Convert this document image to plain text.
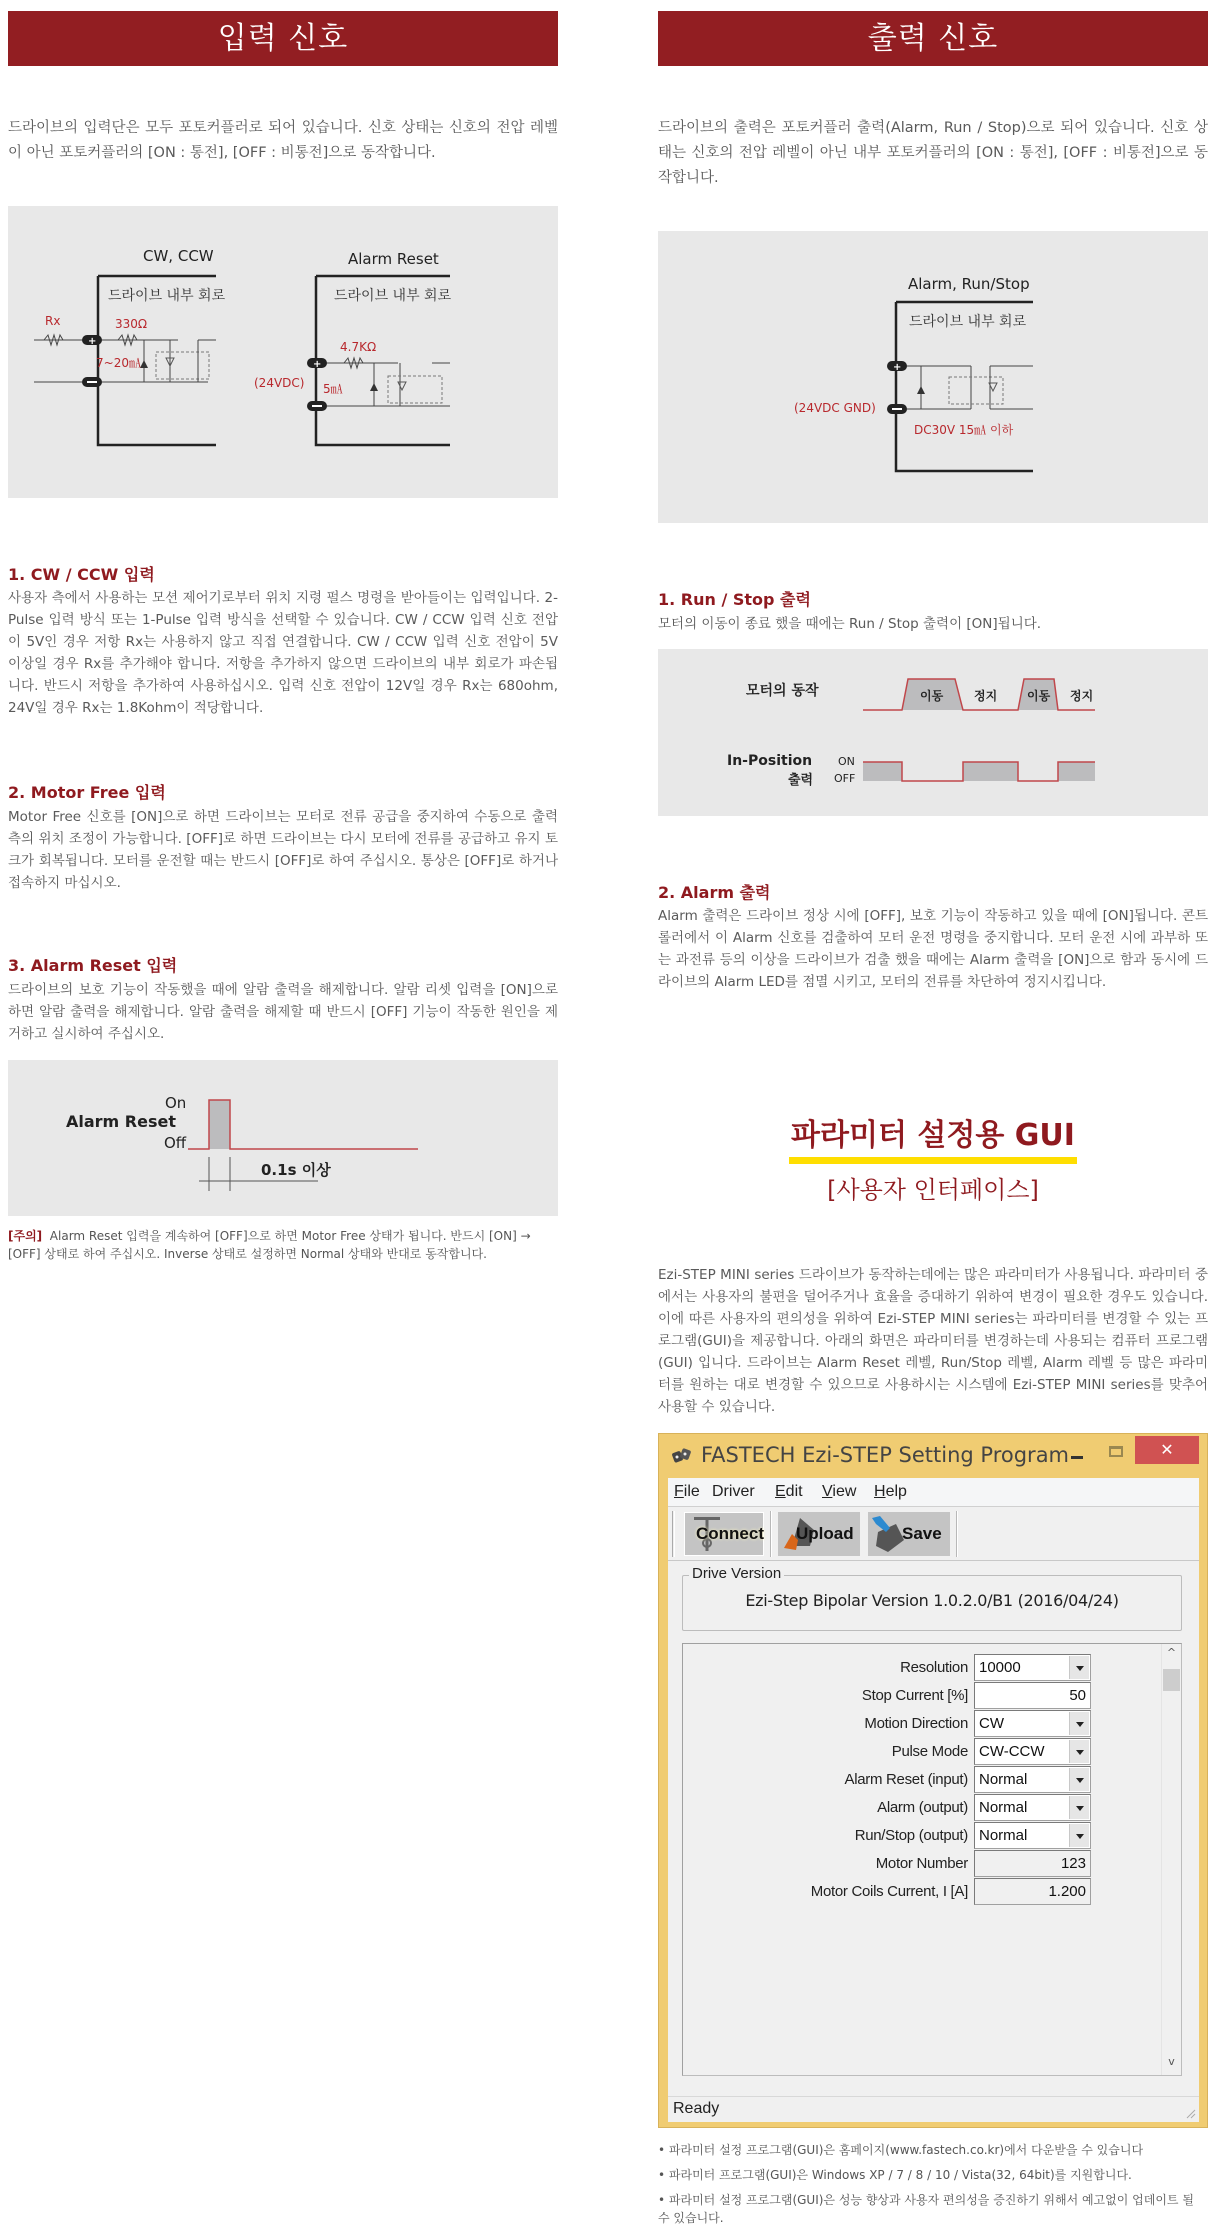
입력 신호
드라이브의 입력단은 모두 포토커플러로 되어 있습니다. 신호 상태는 신호의 전압 레벨이 아닌 포토커플러의 [ON : 통전], [OFF : 비통전]으로 동작합니다.
+
+
CW, CCW
드라이브 내부 회로
Rx	330Ω
7~20㎃
Alarm Reset
드라이브 내부 회로
4.7KΩ
(24VDC) 5㎃
1. CW / CCW 입력
사용자 측에서 사용하는 모션 제어기로부터 위치 지령 펄스 명령을 받아들이는 입력입니다. 2-Pulse 입력 방식 또는 1-Pulse 입력 방식을 선택할 수 있습니다. CW / CCW 입력 신호 전압이 5V인 경우 저항 Rx는 사용하지 않고 직접 연결합니다. CW / CCW 입력 신호 전압이 5V 이상일 경우 Rx를 추가해야 합니다. 저항을 추가하지 않으면 드라이브의 내부 회로가 파손됩니다. 반드시 저항을 추가하여 사용하십시오. 입력 신호 전압이 12V일 경우 Rx는 680ohm, 24V일 경우 Rx는 1.8Kohm이 적당합니다.
2. Motor Free 입력
Motor Free 신호를 [ON]으로 하면 드라이브는 모터로 전류 공급을 중지하여 수동으로 출력 측의 위치 조정이 가능합니다. [OFF]로 하면 드라이브는 다시 모터에 전류를 공급하고 유지 토크가 회복됩니다. 모터를 운전할 때는 반드시 [OFF]로 하여 주십시오. 통상은 [OFF]로 하거나 접속하지 마십시오.
3. Alarm Reset 입력
드라이브의 보호 기능이 작동했을 때에 알람 출력을 해제합니다. 알람 리셋 입력을 [ON]으로 하면 알람 출력을 해제합니다. 알람 출력을 해제할 때 반드시 [OFF] 기능이 작동한 원인을 제거하고 실시하여 주십시오.
Alarm Reset
On
Off
0.1s 이상
[주의] Alarm Reset 입력을 계속하여 [OFF]으로 하면 Motor Free 상태가 됩니다. 반드시 [ON] →
[OFF] 상태로 하여 주십시오. Inverse 상태로 설정하면 Normal 상태와 반대로 동작합니다.
출력 신호
드라이브의 출력은 포토커플러 출력(Alarm, Run / Stop)으로 되어 있습니다. 신호 상태는 신호의 전압 레벨이 아닌 내부 포토커플러의 [ON : 통전], [OFF : 비통전]으로 동작합니다.
+
Alarm, Run/Stop
드라이브 내부 회로
(24VDC GND)
DC30V 15㎃ 이하
1. Run / Stop 출력
모터의 이동이 종료 했을 때에는 Run / Stop 출력이 [ON]됩니다.
모터의 동작	이동	정지 이동 정지
In-Position
출력
ON
OFF
2. Alarm 출력
Alarm 출력은 드라이브 정상 시에 [OFF], 보호 기능이 작동하고 있을 때에 [ON]됩니다. 콘트롤러에서 이 Alarm 신호를 검출하여 모터 운전 명령을 중지합니다. 모터 운전 시에 과부하 또는 과전류 등의 이상을 드라이브가 검출 했을 때에는 Alarm 출력을 [ON]으로 함과 동시에 드라이브의 Alarm LED를 점멸 시키고, 모터의 전류를 차단하여 정지시킵니다.
파라미터 설정용 GUI
[사용자 인터페이스]
Ezi-STEP MINI series 드라이브가 동작하는데에는 많은 파라미터가 사용됩니다. 파라미터 중에서는 사용자의 불편을 덜어주거나 효율을 증대하기 위하여 변경이 필요한 경우도 있습니다. 이에 따른 사용자의 편의성을 위하여 Ezi-STEP MINI series는 파라미터를 변경할 수 있는 프로그램(GUI)을 제공합니다. 아래의 화면은 파라미터를 변경하는데 사용되는 컴퓨터 프로그램(GUI) 입니다. 드라이브는 Alarm Reset 레벨, Run/Stop 레벨, Alarm 레벨 등 많은 파라미터를 원하는 대로 변경할 수 있으므로 사용하시는 시스템에 Ezi-STEP MINI series를 맞추어 사용할 수 있습니다.
FASTECH Ezi-STEP Setting Program	✕
File Driver Edit View Help
Connect Upload	Save
Drive Version
Ezi-Step Bipolar Version 1.0.2.0/B1 (2016/04/24)
Resolution 10000
Stop Current [%]	50
Motion Direction CW
Pulse Mode CW-CCW
Alarm Reset (input) Normal
Alarm (output) Normal
Run/Stop (output) Normal
Motor Number	123
Motor Coils Current, I [A]	1.200
^
v
Ready
• 파라미터 설정 프로그램(GUI)은 홈페이지(www.fastech.co.kr)에서 다운받을 수 있습니다
• 파라미터 프로그램(GUI)은 Windows XP / 7 / 8 / 10 / Vista(32, 64bit)를 지원합니다.
• 파라미터 설정 프로그램(GUI)은 성능 향상과 사용자 편의성을 증진하기 위해서 예고없이 업데이트 될 수 있습니다.
